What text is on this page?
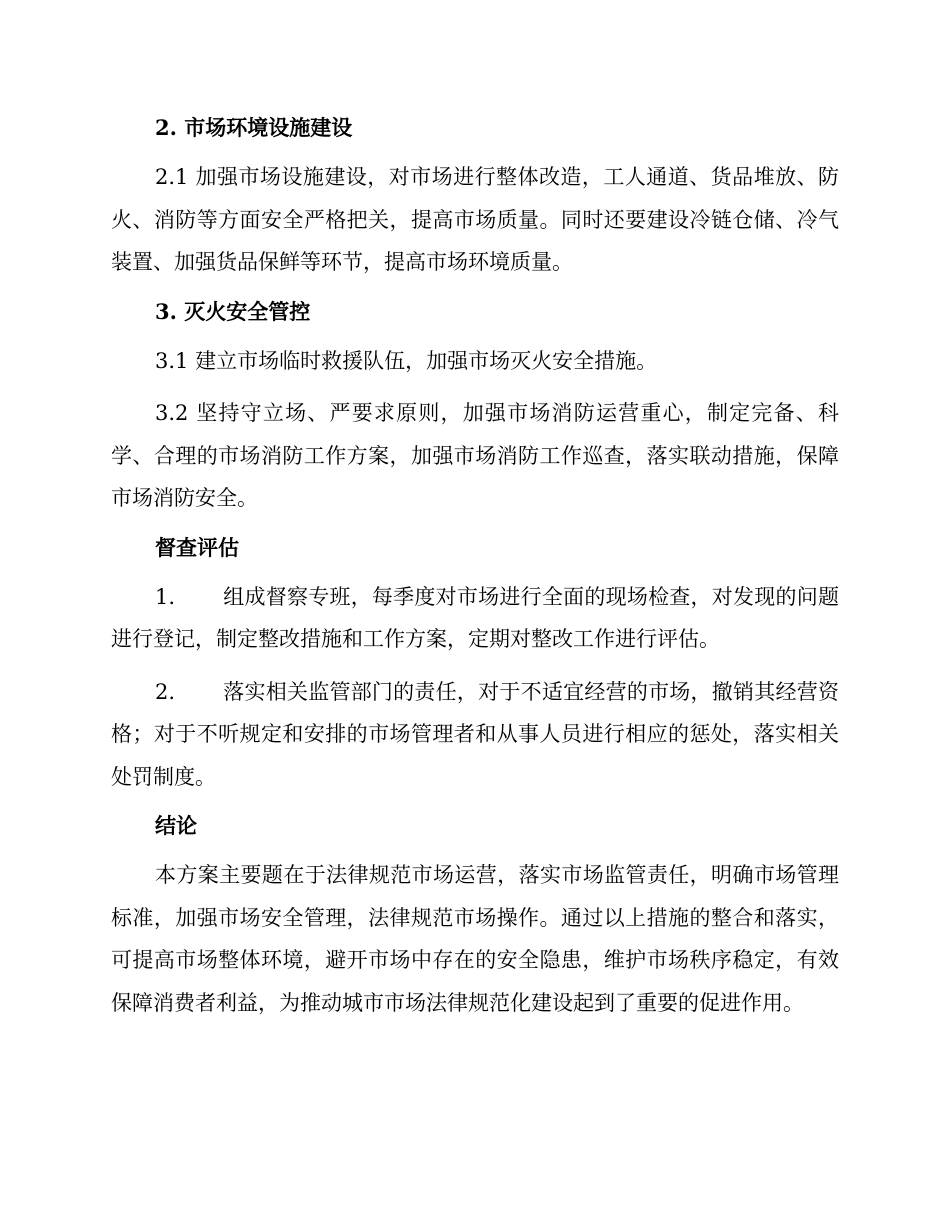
2. 市场环境设施建设

2.1 加强市场设施建设，对市场进行整体改造，工人通道、货品堆放、防火、消防等方面安全严格把关，提高市场质量。同时还要建设冷链仓储、冷气装置、加强货品保鲜等环节，提高市场环境质量。

3. 灭火安全管控

3.1 建立市场临时救援队伍，加强市场灭火安全措施。

3.2 坚持守立场、严要求原则，加强市场消防运营重心，制定完备、科学、合理的市场消防工作方案，加强市场消防工作巡查，落实联动措施，保障市场消防安全。

督查评估

1. 组成督察专班，每季度对市场进行全面的现场检查，对发现的问题进行登记，制定整改措施和工作方案，定期对整改工作进行评估。

2. 落实相关监管部门的责任，对于不适宜经营的市场，撤销其经营资格；对于不听规定和安排的市场管理者和从事人员进行相应的惩处，落实相关处罚制度。

结论

本方案主要题在于法律规范市场运营，落实市场监管责任，明确市场管理标准，加强市场安全管理，法律规范市场操作。通过以上措施的整合和落实，可提高市场整体环境，避开市场中存在的安全隐患，维护市场秩序稳定，有效保障消费者利益，为推动城市市场法律规范化建设起到了重要的促进作用。
